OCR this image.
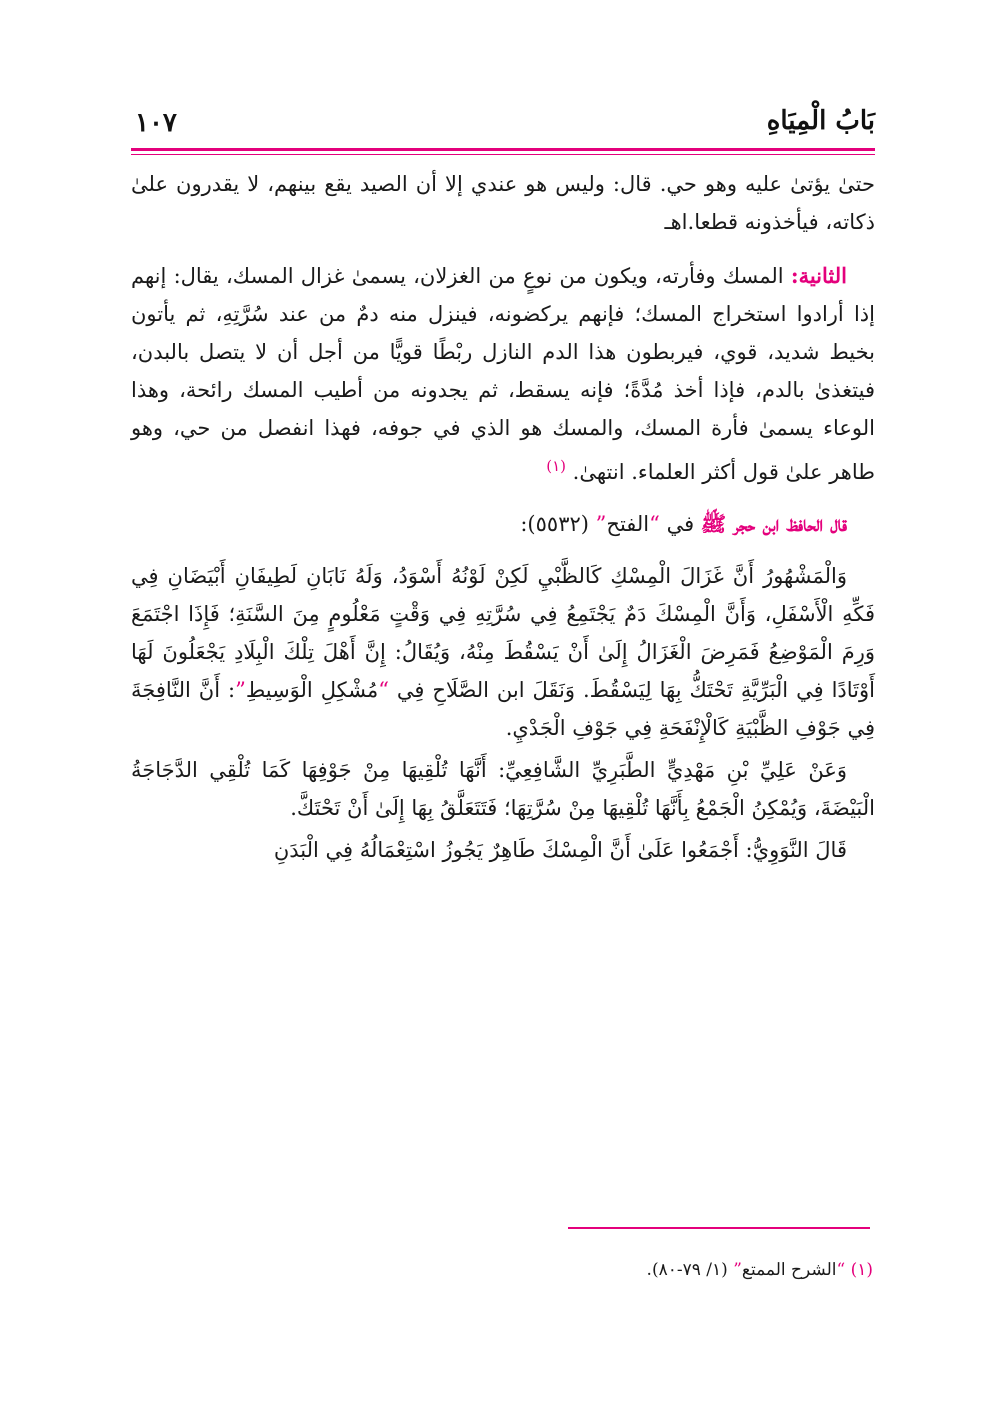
بَابُ الْمِيَاهِ
١٠٧

حتىٰ يؤتىٰ عليه وهو حي. قال: وليس هو عندي إلا أن الصيد يقع بينهم، لا يقدرون علىٰ ذكاته، فيأخذونه قطعا.اهـ

الثانية: المسك وفأرته، ويكون من نوعٍ من الغزلان، يسمىٰ غزال المسك، يقال: إنهم إذا أرادوا استخراج المسك؛ فإنهم يركضونه، فينزل منه دمٌ من عند سُرَّتِهِ، ثم يأتون بخيط شديد، قوي، فيربطون هذا الدم النازل ربْطًا قويًّا من أجل أن لا يتصل بالبدن، فيتغذىٰ بالدم، فإذا أخذ مُدَّةً؛ فإنه يسقط، ثم يجدونه من أطيب المسك رائحة، وهذا الوعاء يسمىٰ فأرة المسك، والمسك هو الذي في جوفه، فهذا انفصل من حي، وهو طاهر علىٰ قول أكثر العلماء. انتهىٰ. $^{(١)}$

قال الحافظ ابن حجر ﷺ في “الفتح” (٥٥٣٢):

وَالْمَشْهُورُ أَنَّ غَزَالَ الْمِسْكِ كَالظَّبْيِ لَكِنْ لَوْنُهُ أَسْوَدُ، وَلَهُ نَابَانِ لَطِيفَانِ أَبْيَضَانِ فِي فَكِّهِ الْأَسْفَلِ، وَأَنَّ الْمِسْكَ دَمٌ يَجْتَمِعُ فِي سُرَّتِهِ فِي وَقْتٍ مَعْلُومٍ مِنَ السَّنَةِ؛ فَإِذَا اجْتَمَعَ وَرِمَ الْمَوْضِعُ فَمَرِضَ الْغَزَالُ إِلَىٰ أَنْ يَسْقُطَ مِنْهُ، وَيُقَالُ: إِنَّ أَهْلَ تِلْكَ الْبِلَادِ يَجْعَلُونَ لَهَا أَوْتَادًا فِي الْبَرِّيَّةِ تَحْتَكُّ بِهَا لِيَسْقُطَ. وَنَقَلَ ابن الصَّلَاحِ فِي “مُشْكِلِ الْوَسِيطِ”: أَنَّ النَّافِجَةَ فِي جَوْفِ الظَّبْيَةِ كَالْإِنْفَحَةِ فِي جَوْفِ الْجَدْيِ.

وَعَنْ عَلِيِّ بْنِ مَهْدِيٍّ الطَّبَرِيِّ الشَّافِعِيِّ: أَنَّهَا تُلْقِيهَا مِنْ جَوْفِهَا كَمَا تُلْقِي الدَّجَاجَةُ الْبَيْضَةَ، وَيُمْكِنُ الْجَمْعُ بِأَنَّهَا تُلْقِيهَا مِنْ سُرَّتِهَا؛ فَتَتَعَلَّقُ بِهَا إِلَىٰ أَنْ تَحْتَكَّ.

قَالَ النَّوَوِيُّ: أَجْمَعُوا عَلَىٰ أَنَّ الْمِسْكَ طَاهِرٌ يَجُوزُ اسْتِعْمَالُهُ فِي الْبَدَنِ

(١) “الشرح الممتع” (١/ ٧٩-٨٠).
